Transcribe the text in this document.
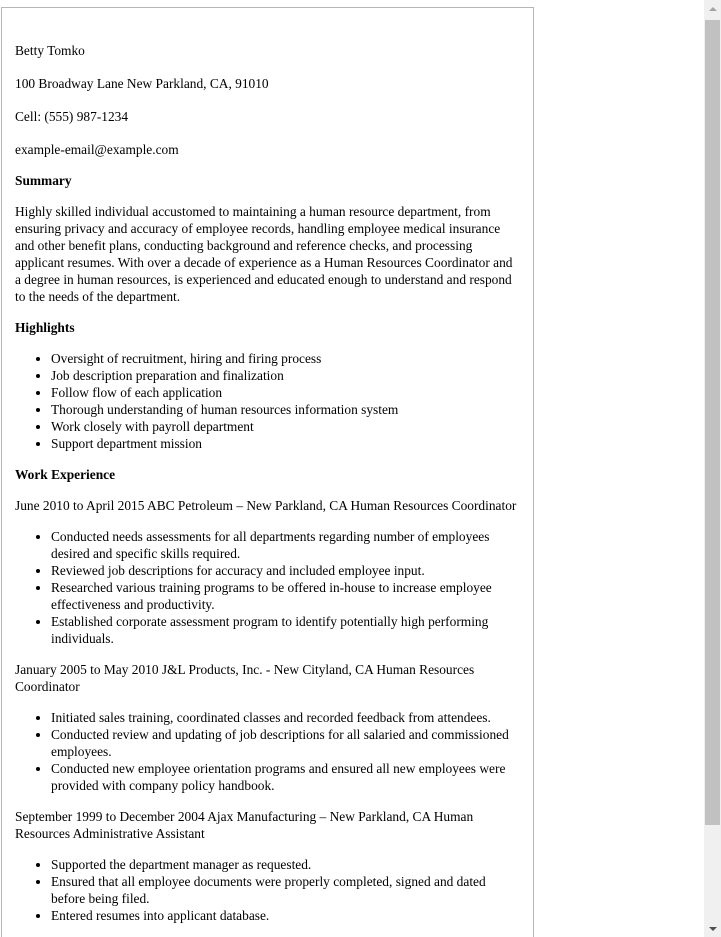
Betty Tomko
100 Broadway Lane New Parkland, CA, 91010
Cell: (555) 987-1234
example-email@example.com
Summary
Highly skilled individual accustomed to maintaining a human resource department, from ensuring privacy and accuracy of employee records, handling employee medical insurance and other benefit plans, conducting background and reference checks, and processing applicant resumes. With over a decade of experience as a Human Resources Coordinator and a degree in human resources, is experienced and educated enough to understand and respond to the needs of the department.
Highlights
• Oversight of recruitment, hiring and firing process
• Job description preparation and finalization
• Follow flow of each application
• Thorough understanding of human resources information system
• Work closely with payroll department
• Support department mission
Work Experience
June 2010 to April 2015 ABC Petroleum – New Parkland, CA Human Resources Coordinator
• Conducted needs assessments for all departments regarding number of employees desired and specific skills required.
• Reviewed job descriptions for accuracy and included employee input.
• Researched various training programs to be offered in-house to increase employee effectiveness and productivity.
• Established corporate assessment program to identify potentially high performing individuals.
January 2005 to May 2010 J&L Products, Inc. - New Cityland, CA Human Resources Coordinator
• Initiated sales training, coordinated classes and recorded feedback from attendees.
• Conducted review and updating of job descriptions for all salaried and commissioned employees.
• Conducted new employee orientation programs and ensured all new employees were provided with company policy handbook.
September 1999 to December 2004 Ajax Manufacturing – New Parkland, CA Human Resources Administrative Assistant
• Supported the department manager as requested.
• Ensured that all employee documents were properly completed, signed and dated before being filed.
• Entered resumes into applicant database.
